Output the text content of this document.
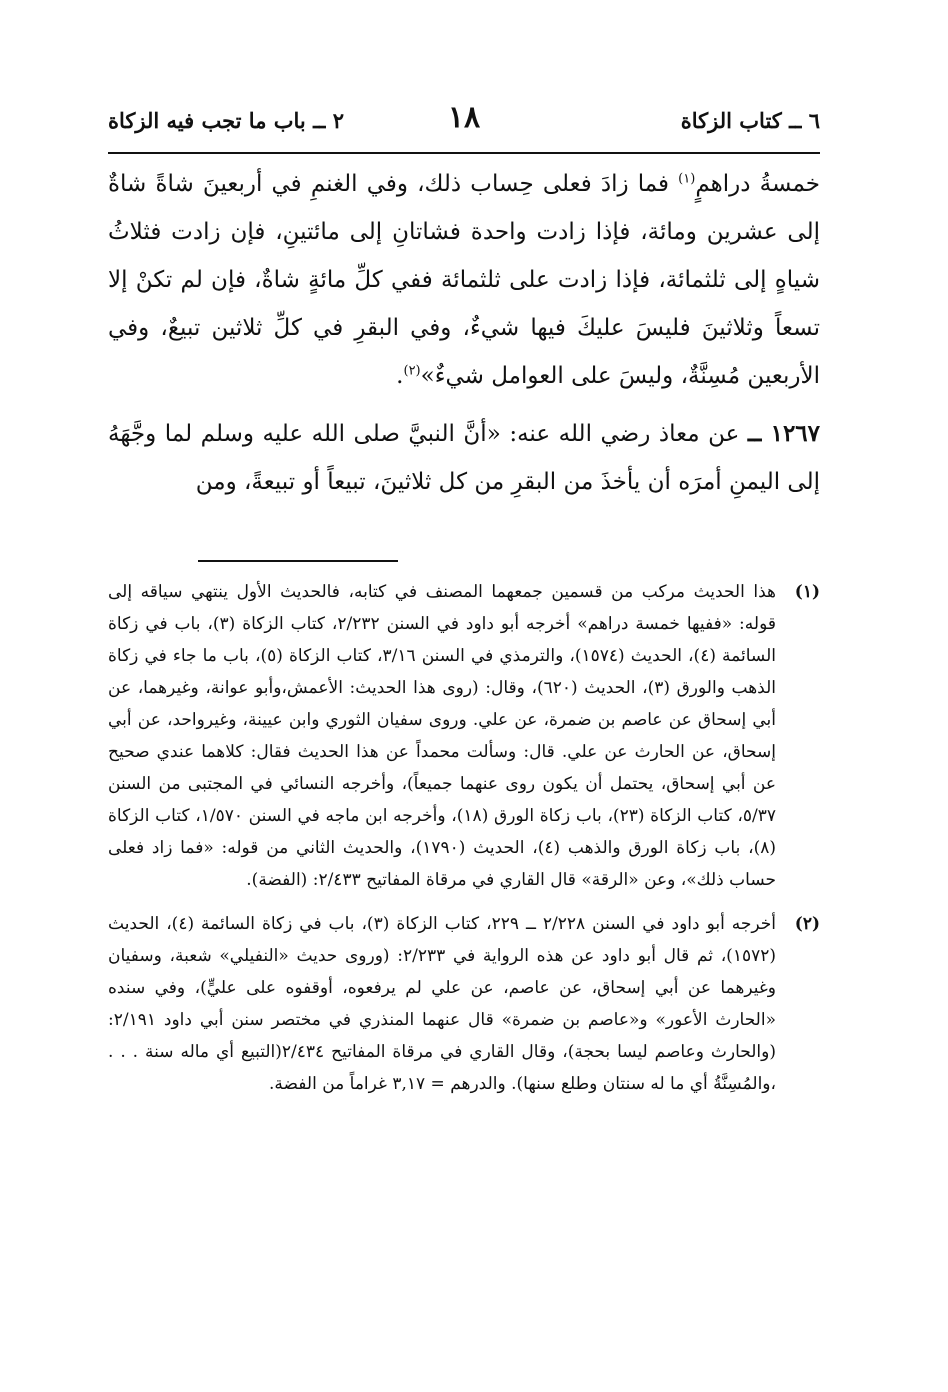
٦ ــ كتاب الزكاة
١٨
٢ ــ باب ما تجب فيه الزكاة

خمسةُ دراهمٍ$^{(١)}$ فما زادَ فعلى حِساب ذلك، وفي الغنمِ في أربعينَ شاةً شاةٌ إلى عشرين ومائة، فإذا زادت واحدة فشاتانِ إلى مائتينِ، فإن زادت فثلاثُ شياهٍ إلى ثلثمائة، فإذا زادت على ثلثمائة ففي كلِّ مائةٍ شاةٌ، فإن لم تكنْ إلا تسعاً وثلاثينَ فليسَ عليكَ فيها شيءٌ، وفي البقرِ في كلِّ ثلاثين تبيعٌ، وفي الأربعين مُسِنَّةٌ، وليسَ على العوامل شيءٌ»$^{(٢)}$.

١٢٦٧ ــ عن معاذ رضي الله عنه: «أنَّ النبيَّ صلى الله عليه وسلم لما وجَّهَهُ إلى اليمنِ أمرَه أن يأخذَ من البقرِ من كل ثلاثينَ، تبيعاً أو تبيعةً، ومن

(١)
هذا الحديث مركب من قسمين جمعهما المصنف في كتابه، فالحديث الأول ينتهي سياقه إلى قوله: «ففيها خمسة دراهم» أخرجه أبو داود في السنن ٢/٢٣٢، كتاب الزكاة (٣)، باب في زكاة السائمة (٤)، الحديث (١٥٧٤)، والترمذي في السنن ٣/١٦، كتاب الزكاة (٥)، باب ما جاء في زكاة الذهب والورق (٣)، الحديث (٦٢٠)، وقال: (روى هذا الحديث: الأعمش،وأبو عوانة، وغيرهما، عن أبي إسحاق عن عاصم بن ضمرة، عن علي. وروى سفيان الثوري وابن عيينة، وغيرواحد، عن أبي إسحاق، عن الحارث عن علي. قال: وسألت محمداً عن هذا الحديث فقال: كلاهما عندي صحيح عن أبي إسحاق، يحتمل أن يكون روى عنهما جميعاً)، وأخرجه النسائي في المجتبى من السنن ٥/٣٧، كتاب الزكاة (٢٣)، باب زكاة الورق (١٨)، وأخرجه ابن ماجه في السنن ١/٥٧٠، كتاب الزكاة (٨)، باب زكاة الورق والذهب (٤)، الحديث (١٧٩٠)، والحديث الثاني من قوله: «فما زاد فعلى حساب ذلك»، وعن «الرقة» قال القاري في مرقاة المفاتيح ٢/٤٣٣: (الفضة).
(٢)
أخرجه أبو داود في السنن ٢/٢٢٨ ــ ٢٢٩، كتاب الزكاة (٣)، باب في زكاة السائمة (٤)، الحديث (١٥٧٢)، ثم قال أبو داود عن هذه الرواية في ٢/٢٣٣: (وروى حديث «النفيلي» شعبة، وسفيان وغيرهما عن أبي إسحاق، عن عاصم، عن علي لم يرفعوه، أوقفوه على عليٍّ)، وفي سنده «الحارث الأعور» و«عاصم بن ضمرة» قال عنهما المنذري في مختصر سنن أبي داود ٢/١٩١: (والحارث وعاصم ليسا بحجة)، وقال القاري في مرقاة المفاتيح ٢/٤٣٤(التبيع أي ماله سنة . . . ،والمُسِنَّةُ أي ما له سنتان وطلع سنها). والدرهم = ٣,١٧ غراماً من الفضة.
